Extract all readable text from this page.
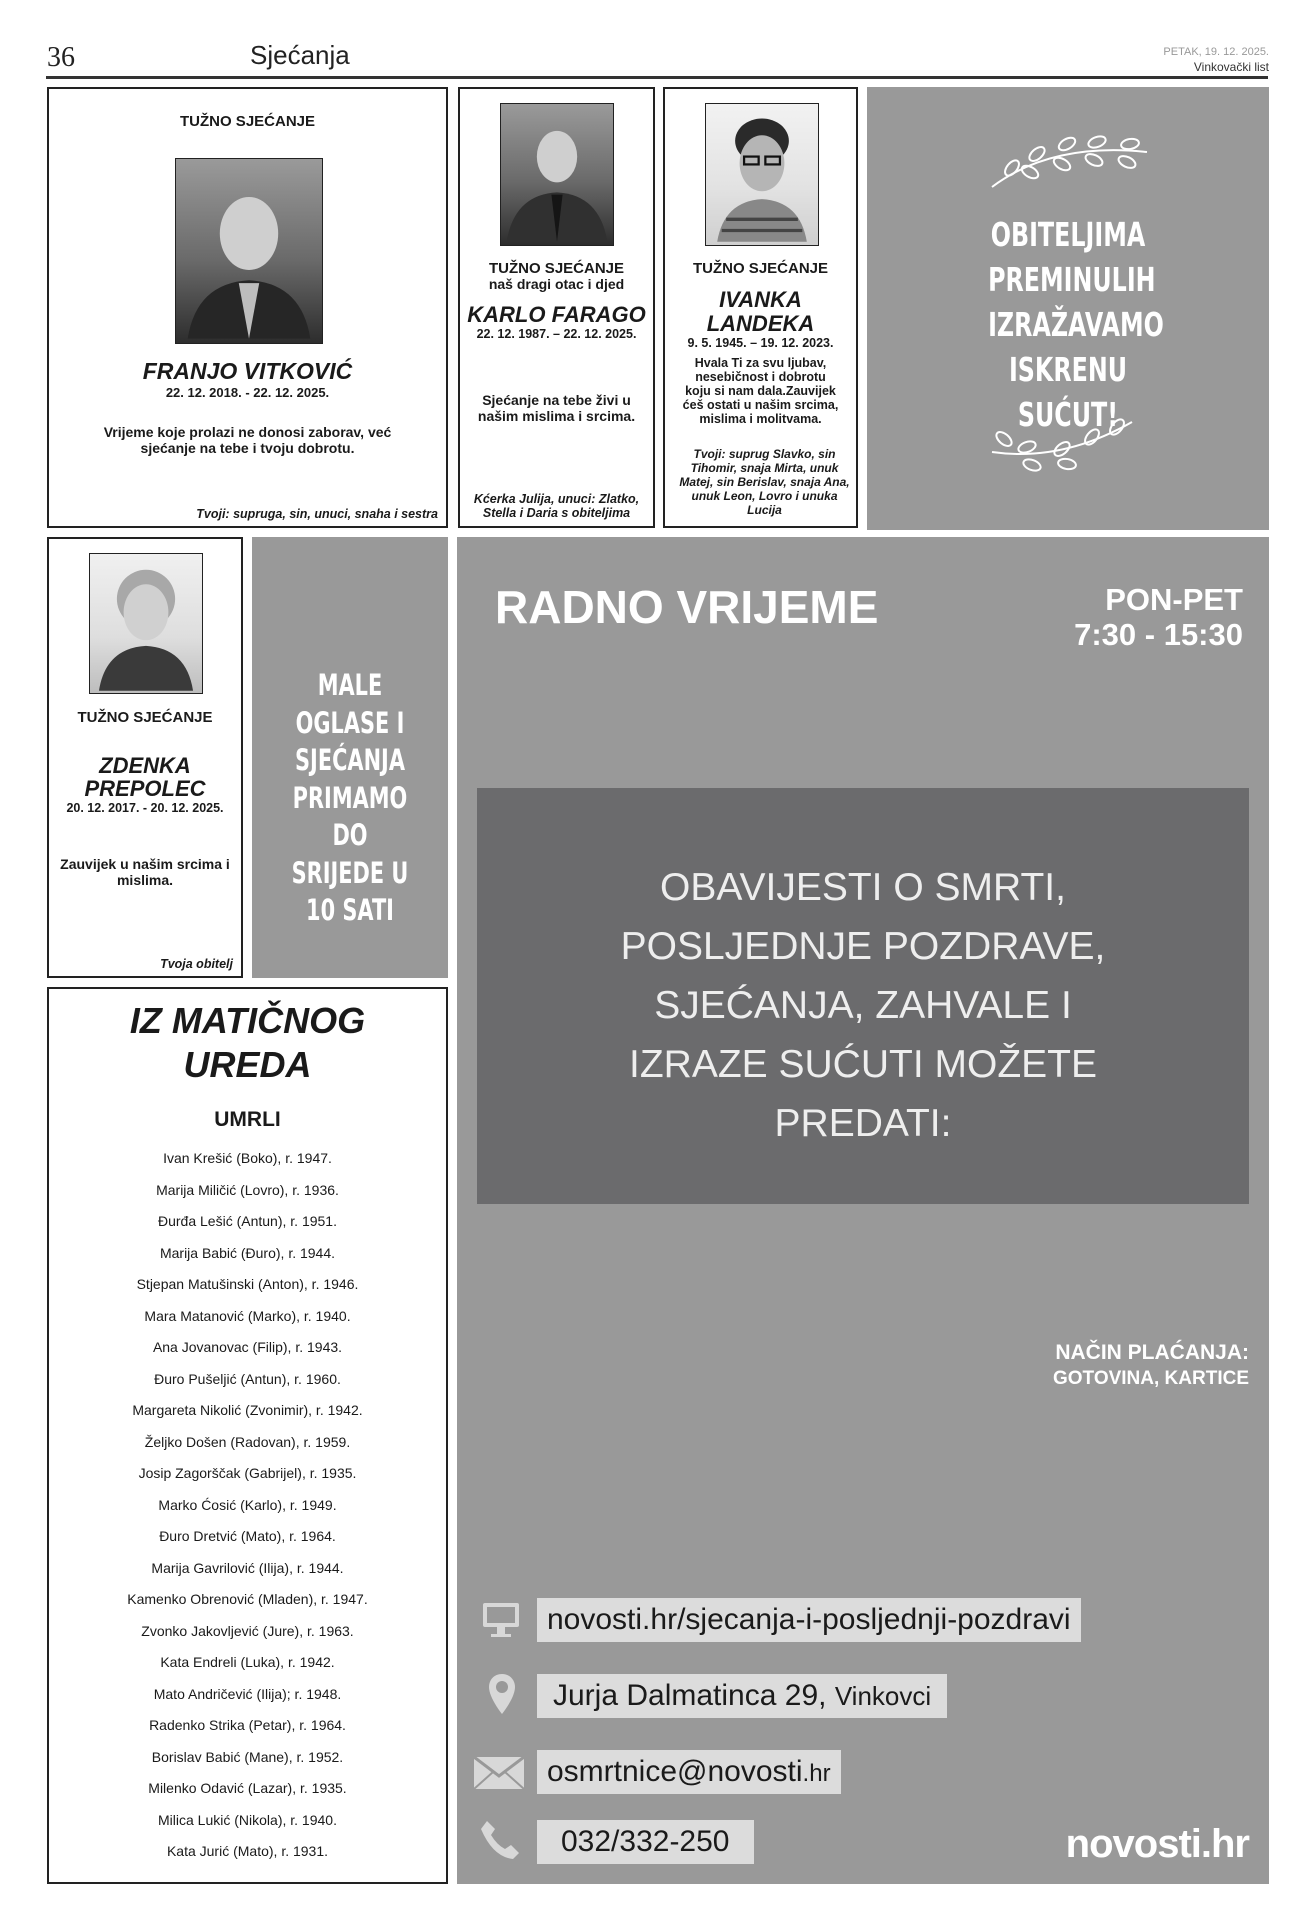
36	Sjećanja	PETAK, 19. 12. 2025.
Vinkovački list
TUŽNO SJEĆANJE
FRANJO VITKOVIĆ
22. 12. 2018. - 22. 12. 2025.
Vrijeme koje prolazi ne donosi zaborav, već sjećanje na tebe i tvoju dobrotu.
Tvoji: supruga, sin, unuci, snaha i sestra
TUŽNO SJEĆANJE
naš dragi otac i djed
KARLO FARAGO
22. 12. 1987. – 22. 12. 2025.
Sjećanje na tebe živi u našim mislima i srcima.
Kćerka Julija, unuci: Zlatko, Stella i Daria s obiteljima
TUŽNO SJEĆANJE
IVANKA LANDEKA
9. 5. 1945. – 19. 12. 2023.
Hvala Ti za svu ljubav, nesebičnost i dobrotu koju si nam dala.Zauvijek ćeš ostati u našim srcima, mislima i molitvama.
Tvoji: suprug Slavko, sin Tihomir, snaja Mirta, unuk Matej, sin Berislav, snaja Ana, unuk Leon, Lovro i unuka Lucija
OBITELJIMA PREMINULIH IZRAŽAVAMO ISKRENU SUĆUT!
TUŽNO SJEĆANJE
ZDENKA PREPOLEC
20. 12. 2017. - 20. 12. 2025.
Zauvijek u našim srcima i mislima.
Tvoja obitelj
MALE OGLASE I SJEĆANJA PRIMAMO DO SRIJEDE U 10 SATI
IZ MATIČNOG UREDA
UMRLI
Ivan Krešić (Boko), r. 1947.
Marija Miličić (Lovro), r. 1936.
Đurđa Lešić (Antun), r. 1951.
Marija Babić (Đuro), r. 1944.
Stjepan Matušinski (Anton), r. 1946.
Mara Matanović (Marko), r. 1940.
Ana Jovanovac (Filip), r. 1943.
Đuro Pušeljić (Antun), r. 1960.
Margareta Nikolić (Zvonimir), r. 1942.
Željko Došen (Radovan), r. 1959.
Josip Zagorščak (Gabrijel), r. 1935.
Marko Ćosić (Karlo), r. 1949.
Đuro Dretvić (Mato), r. 1964.
Marija Gavrilović (Ilija), r. 1944.
Kamenko Obrenović (Mladen), r. 1947.
Zvonko Jakovljević (Jure), r. 1963.
Kata Endreli (Luka), r. 1942.
Mato Andričević (Ilija); r. 1948.
Radenko Strika (Petar), r. 1964.
Borislav Babić (Mane), r. 1952.
Milenko Odavić (Lazar), r. 1935.
Milica Lukić (Nikola), r. 1940.
Kata Jurić (Mato), r. 1931.
RADNO VRIJEME	PON-PET
7:30 - 15:30
OBAVIJESTI O SMRTI, POSLJEDNJE POZDRAVE, SJEĆANJA, ZAHVALE I IZRAZE SUĆUTI MOŽETE PREDATI:
NAČIN PLAĆANJA:
GOTOVINA, KARTICE
novosti.hr/sjecanja-i-posljednji-pozdravi
Jurja Dalmatinca 29, Vinkovci
osmrtnice@novosti.hr
032/332-250	novosti.hr
